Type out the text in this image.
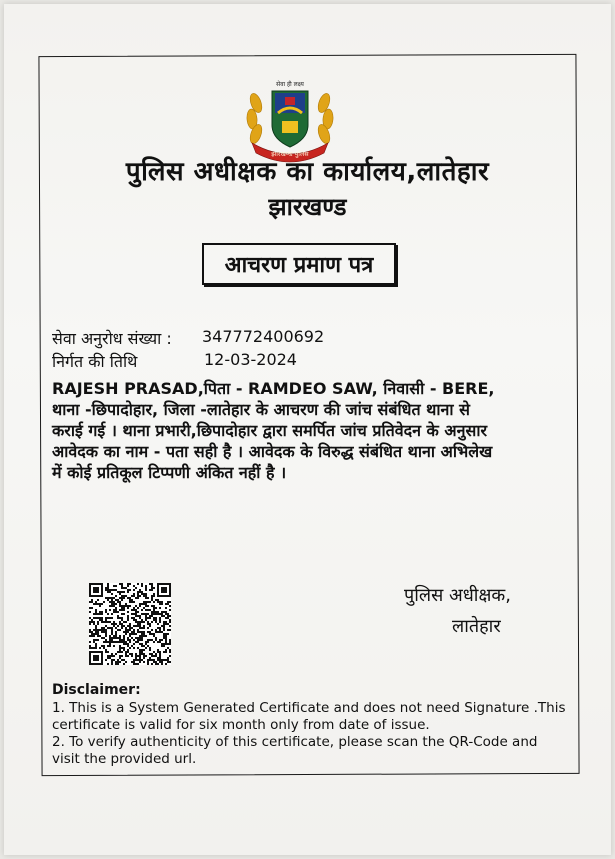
सेवा ही लक्ष्य
झारखण्ड पुलिस
पुलिस अधीक्षक का कार्यालय,लातेहार
झारखण्ड
आचरण प्रमाण पत्र
सेवा अनुरोध संख्या : 347772400692
निर्गत की तिथि	12-03-2024
RAJESH PRASAD,पिता - RAMDEO SAW, निवासी - BERE,
थाना -छिपादोहार, जिला -लातेहार के आचरण की जांच संबंधित थाना से
कराई गई । थाना प्रभारी,छिपादोहार द्वारा समर्पित जांच प्रतिवेदन के अनुसार
आवेदक का नाम - पता सही है । आवेदक के विरुद्ध संबंधित थाना अभिलेख
में कोई प्रतिकूल टिप्पणी अंकित नहीं है ।
पुलिस अधीक्षक,
लातेहार
Disclaimer:
1. This is a System Generated Certificate and does not need Signature .This
certificate is valid for six month only from date of issue.
2. To verify authenticity of this certificate, please scan the QR-Code and
visit the provided url.
